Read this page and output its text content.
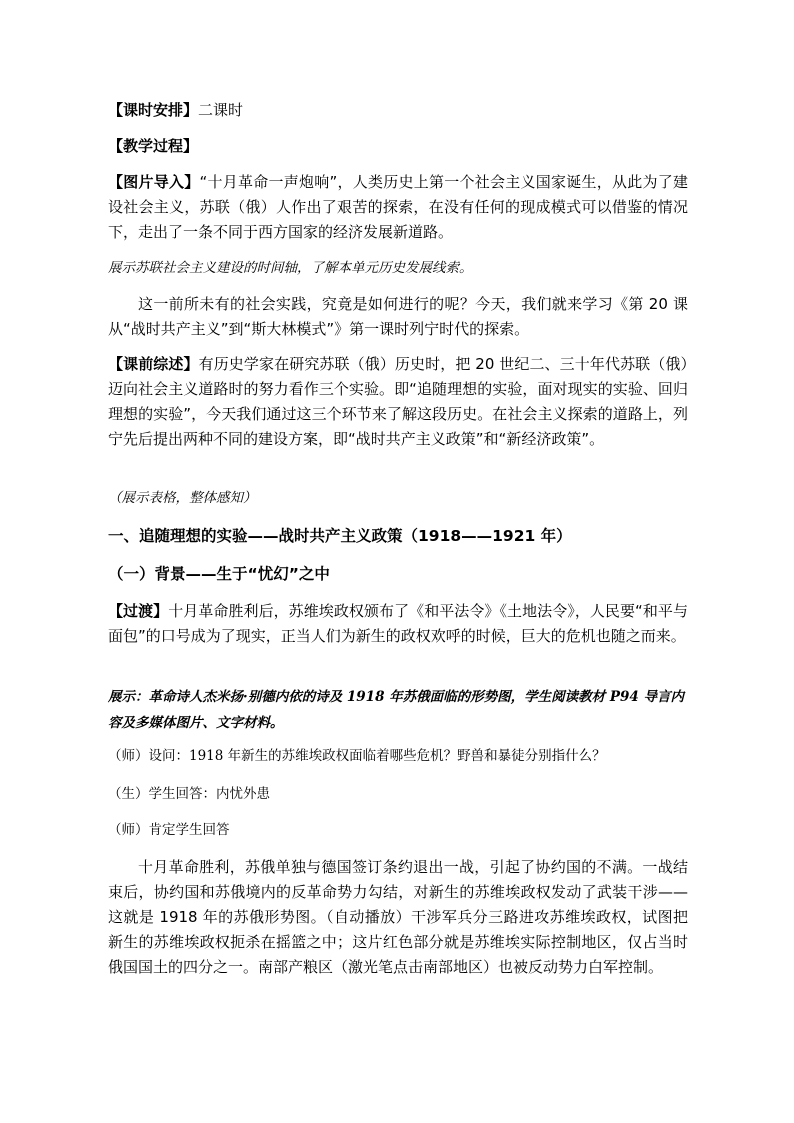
【课时安排】二课时

【教学过程】

【图片导入】“十月革命一声炮响”，人类历史上第一个社会主义国家诞生，从此为了建设社会主义，苏联（俄）人作出了艰苦的探索，在没有任何的现成模式可以借鉴的情况下，走出了一条不同于西方国家的经济发展新道路。

展示苏联社会主义建设的时间轴，了解本单元历史发展线索。

这一前所未有的社会实践，究竟是如何进行的呢？今天，我们就来学习《第 20 课　从“战时共产主义”到“斯大林模式”》第一课时列宁时代的探索。

【课前综述】有历史学家在研究苏联（俄）历史时，把 20 世纪二、三十年代苏联（俄）迈向社会主义道路时的努力看作三个实验。即“追随理想的实验，面对现实的实验、回归理想的实验”，今天我们通过这三个环节来了解这段历史。在社会主义探索的道路上，列宁先后提出两种不同的建设方案，即“战时共产主义政策”和“新经济政策”。

（展示表格，整体感知）

一、追随理想的实验——战时共产主义政策（1918——1921 年）

（一）背景——生于“忧幻”之中

【过渡】十月革命胜利后，苏维埃政权颁布了《和平法令》《土地法令》，人民要“和平与面包”的口号成为了现实，正当人们为新生的政权欢呼的时候，巨大的危机也随之而来。

展示：革命诗人杰米扬·别德内依的诗及 1918 年苏俄面临的形势图，学生阅读教材 P94 导言内容及多媒体图片、文字材料。

（师）设问：1918 年新生的苏维埃政权面临着哪些危机？野兽和暴徒分别指什么？

（生）学生回答：内忧外患

（师）肯定学生回答

十月革命胜利，苏俄单独与德国签订条约退出一战，引起了协约国的不满。一战结束后，协约国和苏俄境内的反革命势力勾结，对新生的苏维埃政权发动了武装干涉——这就是 1918 年的苏俄形势图。（自动播放）干涉军兵分三路进攻苏维埃政权，试图把新生的苏维埃政权扼杀在摇篮之中；这片红色部分就是苏维埃实际控制地区，仅占当时俄国国土的四分之一。南部产粮区（激光笔点击南部地区）也被反动势力白军控制。
